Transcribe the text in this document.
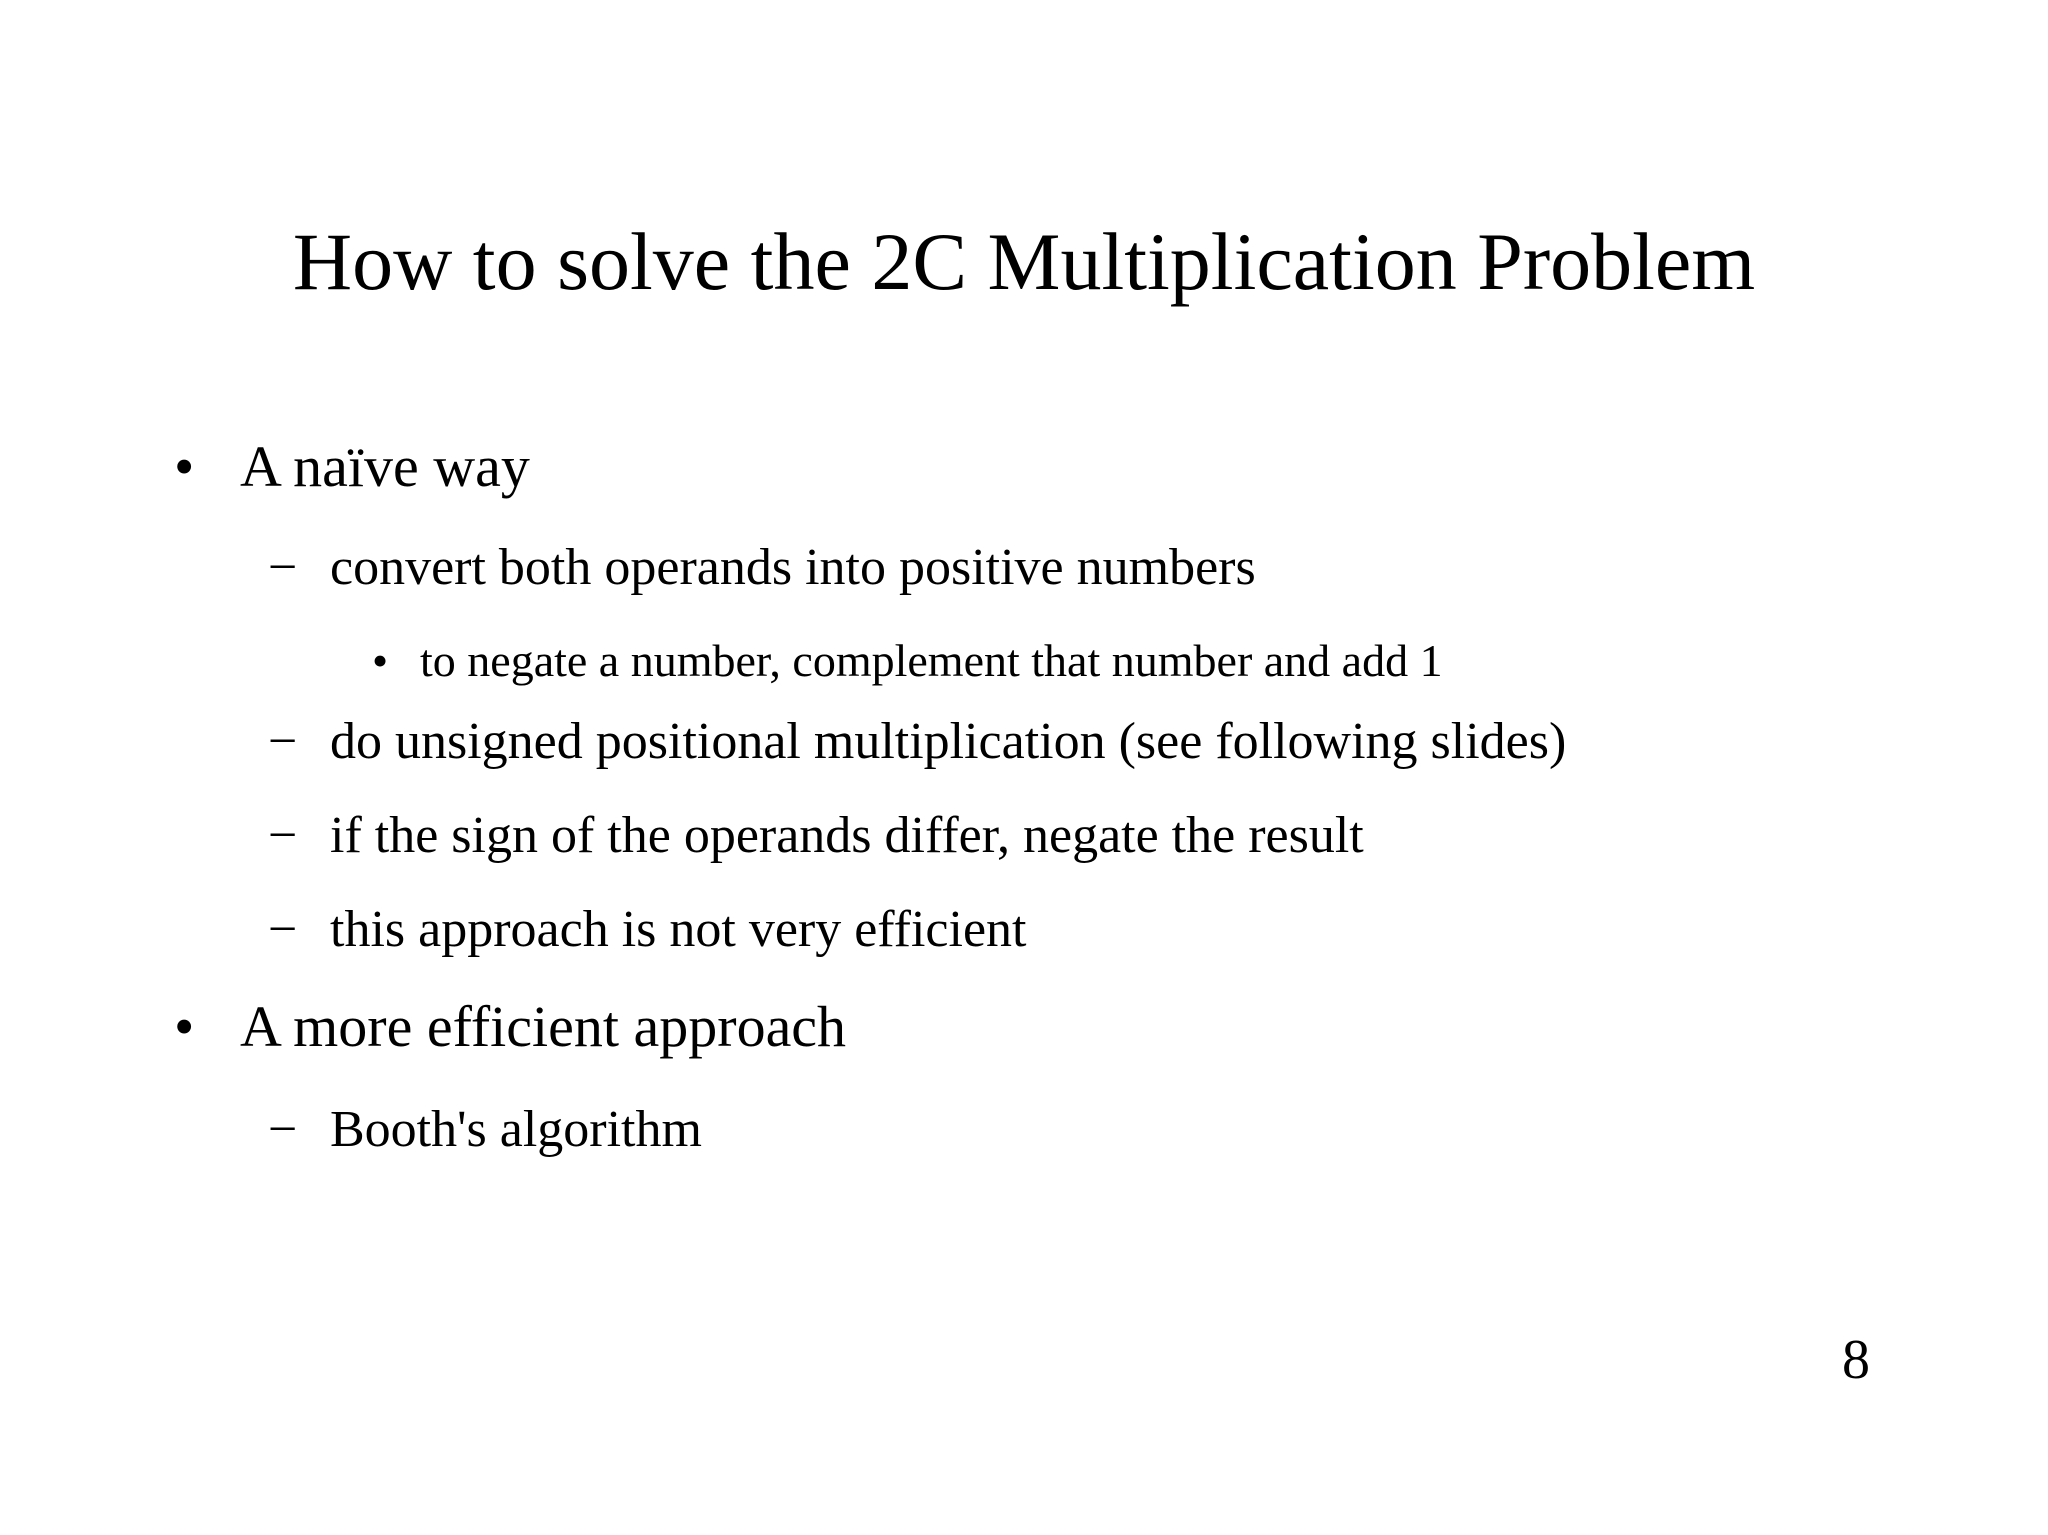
How to solve the 2C Multiplication Problem
• A naïve way
− convert both operands into positive numbers
• to negate a number, complement that number and add 1
− do unsigned positional multiplication (see following slides)
− if the sign of the operands differ, negate the result
− this approach is not very efficient
• A more efficient approach
− Booth's algorithm
8
